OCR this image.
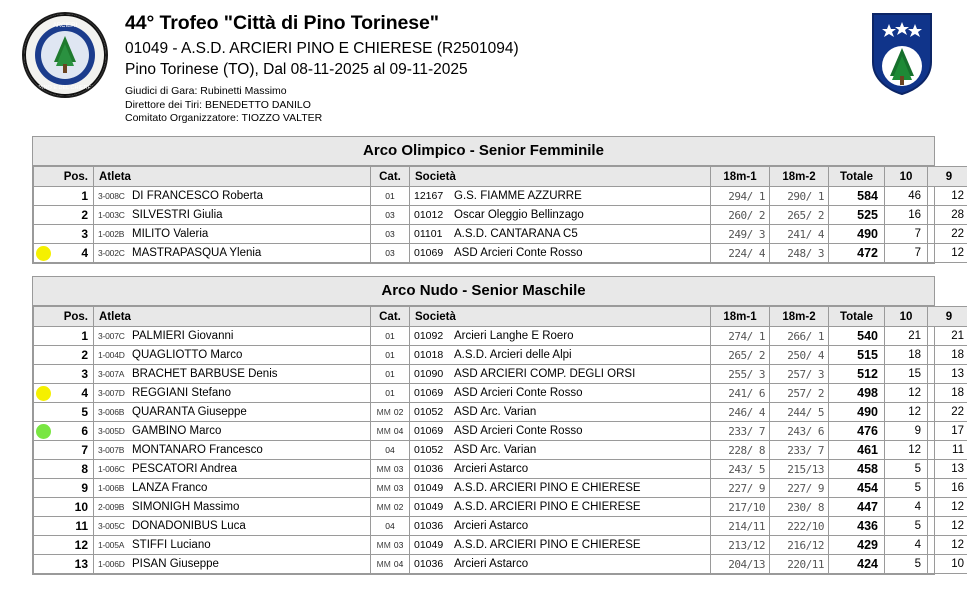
ARCIERI
DI PINO E DEL CHIERESE
44° Trofeo "Città di Pino Torinese"
01049 - A.S.D. ARCIERI PINO E CHIERESE (R2501094)
Pino Torinese (TO), Dal 08-11-2025 al 09-11-2025
Giudici di Gara: Rubinetti Massimo
Direttore dei Tiri: BENEDETTO DANILO
Comitato Organizzatore: TIOZZO VALTER
Arco Olimpico - Senior Femminile
	Pos.	Atleta	Cat.	Società	18m-1	18m-2	Totale	10	9
	1	3-008C DI FRANCESCO Roberta	01	12167 G.S. FIAMME AZZURRE	294/ 1	290/ 1	584	46	12
	2	1-003C SILVESTRI Giulia	03	01012 Oscar Oleggio Bellinzago	260/ 2	265/ 2	525	16	28
	3	1-002B MILITO Valeria	03	01101 A.S.D. CANTARANA C5	249/ 3	241/ 4	490	7	22

	4	3-002C MASTRAPASQUA Ylenia	03	01069 ASD Arcieri Conte Rosso	224/ 4	248/ 3	472	7	12
Arco Nudo - Senior Maschile
	Pos.	Atleta	Cat.	Società	18m-1	18m-2	Totale	10	9
	1	3-007C PALMIERI Giovanni	01	01092 Arcieri Langhe E Roero	274/ 1	266/ 1	540	21	21
	2	1-004D QUAGLIOTTO Marco	01	01018 A.S.D. Arcieri delle Alpi	265/ 2	250/ 4	515	18	18
	3	3-007A BRACHET BARBUSE Denis	01	01090 ASD ARCIERI COMP. DEGLI ORSI	255/ 3	257/ 3	512	15	13

	4	3-007D REGGIANI Stefano	01	01069 ASD Arcieri Conte Rosso	241/ 6	257/ 2	498	12	18
	5	3-006B QUARANTA Giuseppe	MM 02	01052 ASD Arc. Varian	246/ 4	244/ 5	490	12	22

	6	3-005D GAMBINO Marco	MM 04	01069 ASD Arcieri Conte Rosso	233/ 7	243/ 6	476	9	17
	7	3-007B MONTANARO Francesco	04	01052 ASD Arc. Varian	228/ 8	233/ 7	461	12	11
	8	1-006C PESCATORI Andrea	MM 03	01036 Arcieri Astarco	243/ 5	215/13	458	5	13
	9	1-006B LANZA Franco	MM 03	01049 A.S.D. ARCIERI PINO E CHIERESE	227/ 9	227/ 9	454	5	16
	10	2-009B SIMONIGH Massimo	MM 02	01049 A.S.D. ARCIERI PINO E CHIERESE	217/10	230/ 8	447	4	12
	11	3-005C DONADONIBUS Luca	04	01036 Arcieri Astarco	214/11	222/10	436	5	12
	12	1-005A STIFFI Luciano	MM 03	01049 A.S.D. ARCIERI PINO E CHIERESE	213/12	216/12	429	4	12
	13	1-006D PISAN Giuseppe	MM 04	01036 Arcieri Astarco	204/13	220/11	424	5	10
